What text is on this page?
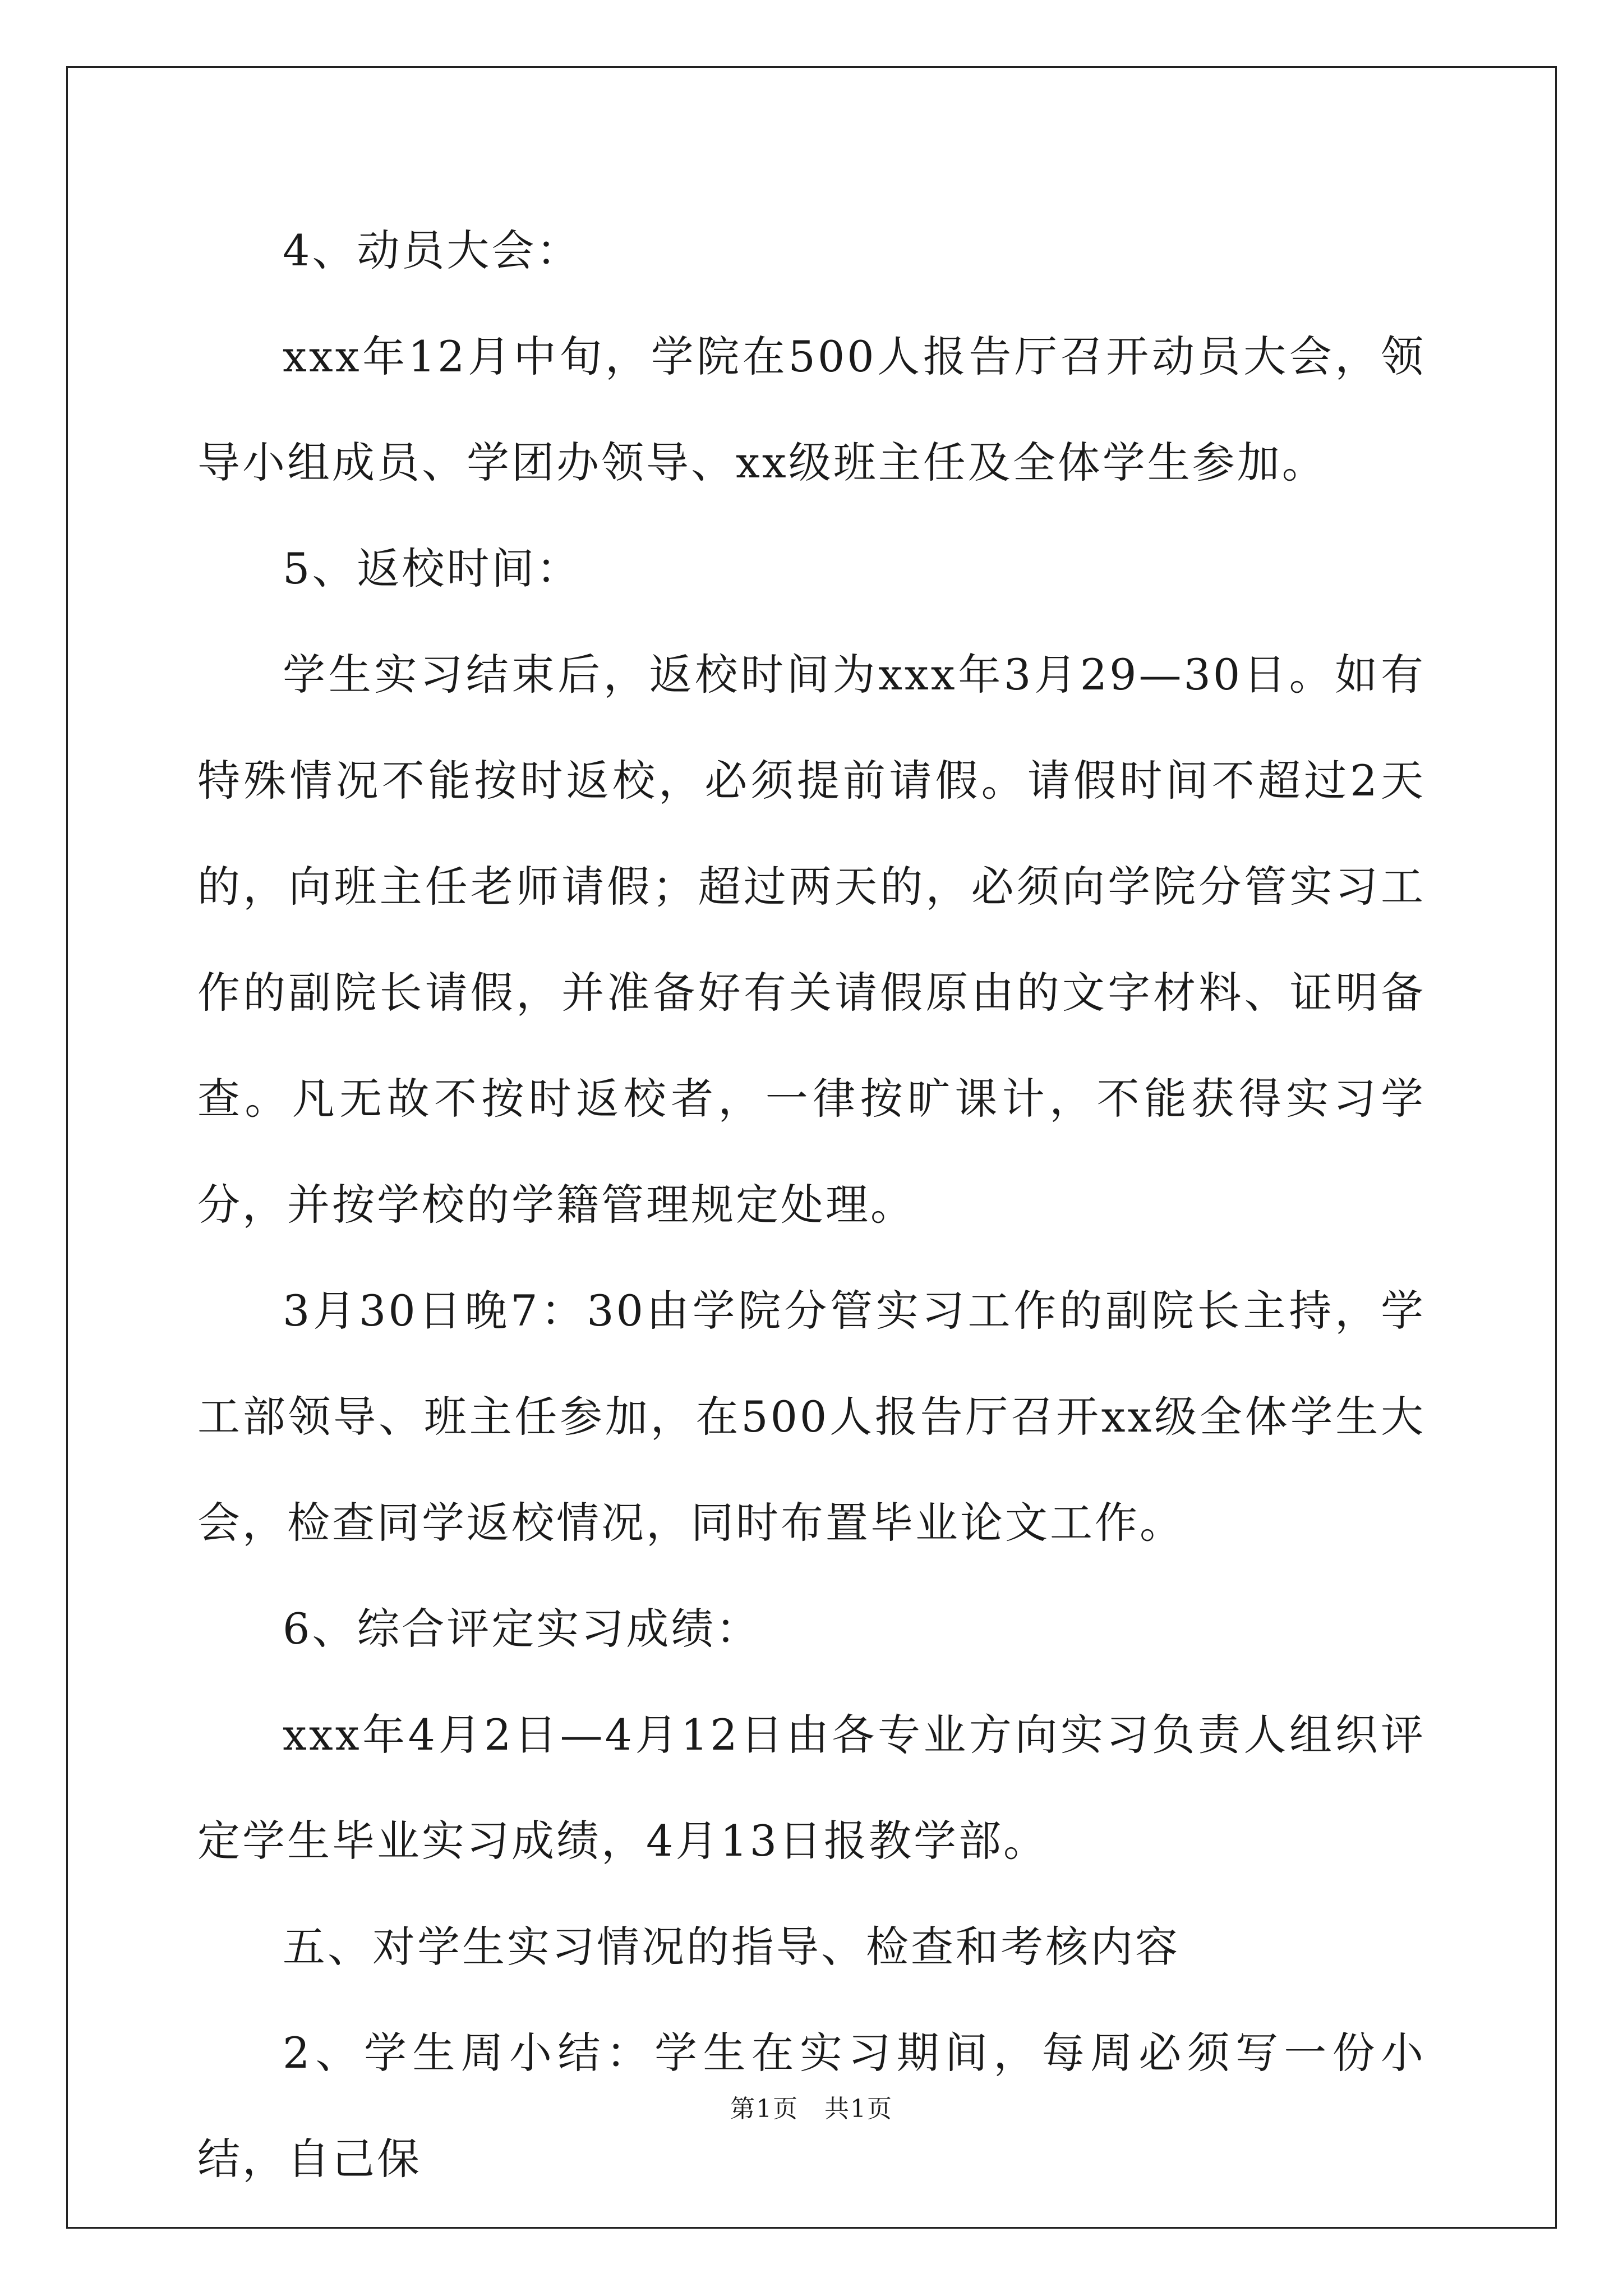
4、动员大会：

xxx年12月中旬，学院在500人报告厅召开动员大会，领导小组成员、学团办领导、xx级班主任及全体学生参加。

5、返校时间：

学生实习结束后，返校时间为xxx年3月29—30日。如有特殊情况不能按时返校，必须提前请假。请假时间不超过2天的，向班主任老师请假；超过两天的，必须向学院分管实习工作的副院长请假，并准备好有关请假原由的文字材料、证明备查。凡无故不按时返校者，一律按旷课计，不能获得实习学分，并按学校的学籍管理规定处理。

3月30日晚7：30由学院分管实习工作的副院长主持，学工部领导、班主任参加，在500人报告厅召开xx级全体学生大会，检查同学返校情况，同时布置毕业论文工作。

6、综合评定实习成绩：

xxx年4月2日—4月12日由各专业方向实习负责人组织评定学生毕业实习成绩，4月13日报教学部。

五、对学生实习情况的指导、检查和考核内容

2、学生周小结：学生在实习期间，每周必须写一份小结，自己保

第1页　共1页
